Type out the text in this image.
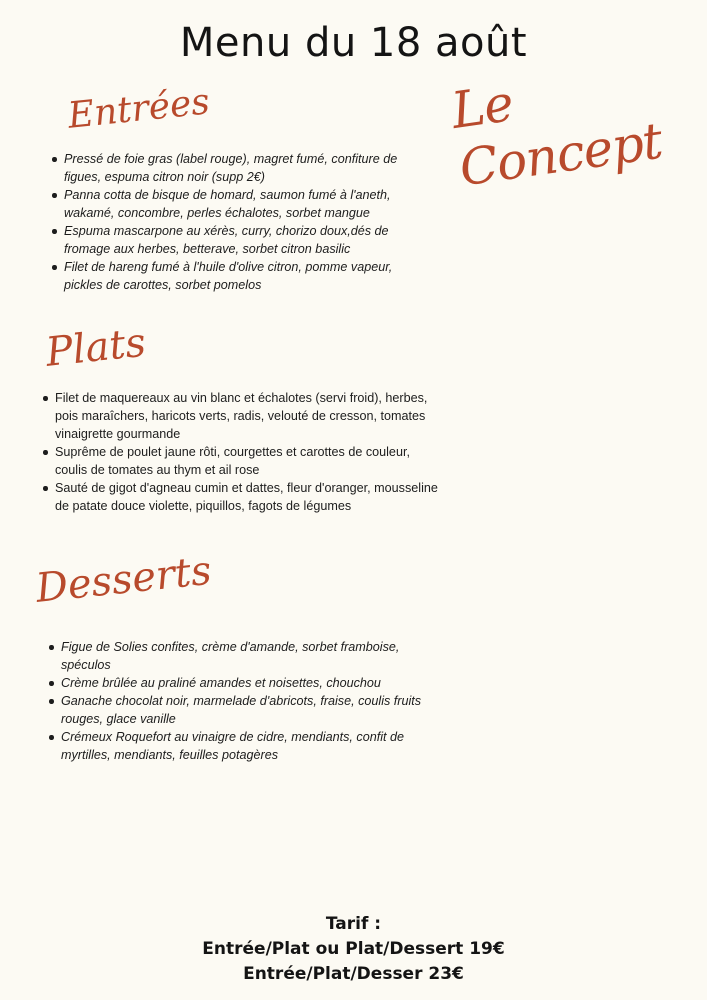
Menu du 18 août
Le Concept
Entrées
Pressé de foie gras (label rouge), magret fumé, confiture de figues, espuma citron noir (supp 2€)
Panna cotta de bisque de homard, saumon fumé à l'aneth, wakamé, concombre, perles échalotes, sorbet mangue
Espuma mascarpone au xérès, curry, chorizo doux,dés de fromage aux herbes, betterave, sorbet citron basilic
Filet de hareng fumé à l'huile d'olive citron, pomme vapeur, pickles de carottes, sorbet pomelos
Plats
Filet de maquereaux au vin blanc et échalotes (servi froid), herbes, pois maraîchers, haricots verts, radis, velouté de cresson, tomates vinaigrette gourmande
Suprême de poulet jaune rôti, courgettes et carottes de couleur, coulis de tomates au thym et ail rose
Sauté de gigot d'agneau cumin et dattes, fleur d'oranger, mousseline de patate douce violette, piquillos, fagots de légumes
Desserts
Figue de Solies confites, crème d'amande, sorbet framboise, spéculos
Crème brûlée au praliné amandes et noisettes, chouchou
Ganache chocolat noir, marmelade d'abricots, fraise, coulis fruits rouges, glace vanille
Crémeux Roquefort au vinaigre de cidre, mendiants, confit de myrtilles, mendiants, feuilles potagères
Tarif :
Entrée/Plat ou Plat/Dessert 19€
Entrée/Plat/Desser 23€
